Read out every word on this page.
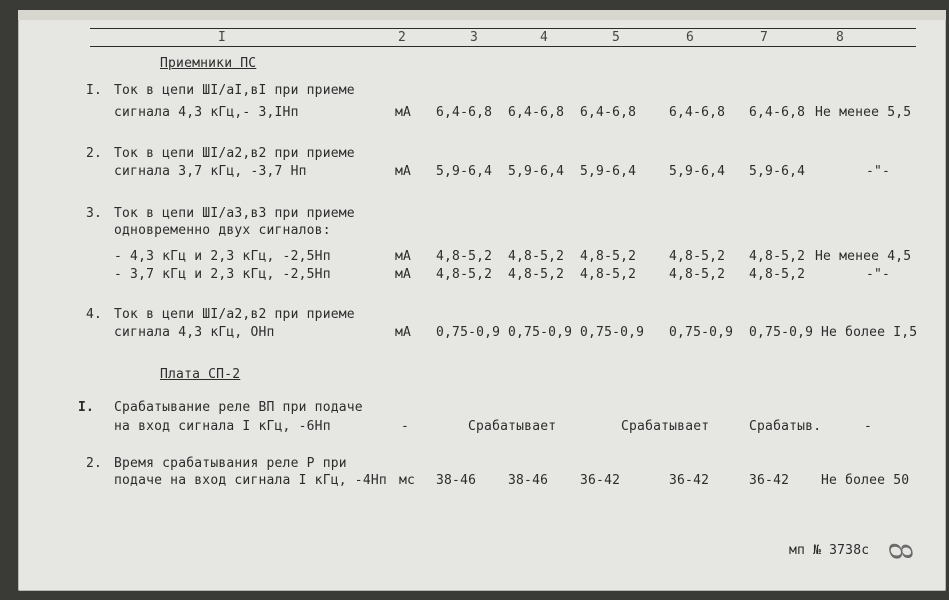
I	2	3	4	5	6	7	8
Приемники ПС
I. Ток в цепи ШI/аI,вI при приеме
сигнала 4,3 кГц,- 3,IНп	мА 6,4-6,8 6,4-6,8 6,4-6,8	6,4-6,8 6,4-6,8 Не менее 5,5
2. Ток в цепи ШI/а2,в2 при приеме
сигнала 3,7 кГц, -3,7 Нп	мА 5,9-6,4 5,9-6,4 5,9-6,4	5,9-6,4 5,9-6,4	-"-
3. Ток в цепи ШI/а3,в3 при приеме
одновременно двух сигналов:
- 4,3 кГц и 2,3 кГц, -2,5Нп	мА 4,8-5,2 4,8-5,2 4,8-5,2	4,8-5,2 4,8-5,2 Не менее 4,5
- 3,7 кГц и 2,3 кГц, -2,5Нп	мА 4,8-5,2 4,8-5,2 4,8-5,2	4,8-5,2 4,8-5,2	-"-
4. Ток в цепи ШI/а2,в2 при приеме
сигнала 4,3 кГц, ОНп	мА 0,75-0,9 0,75-0,9 0,75-0,9 0,75-0,9 0,75-0,9 Не более I,5
Плата СП-2
I. Срабатывание реле ВП при подаче
на вход сигнала I кГц, -6Нп	-	Срабатывает	Срабатывает	Срабатыв.	-
2. Время срабатывания реле Р при
подаче на вход сигнала I кГц, -4Нп мс 38-46 38-46 36-42	36-42	36-42 Не более 50
мп № 3738с 8
